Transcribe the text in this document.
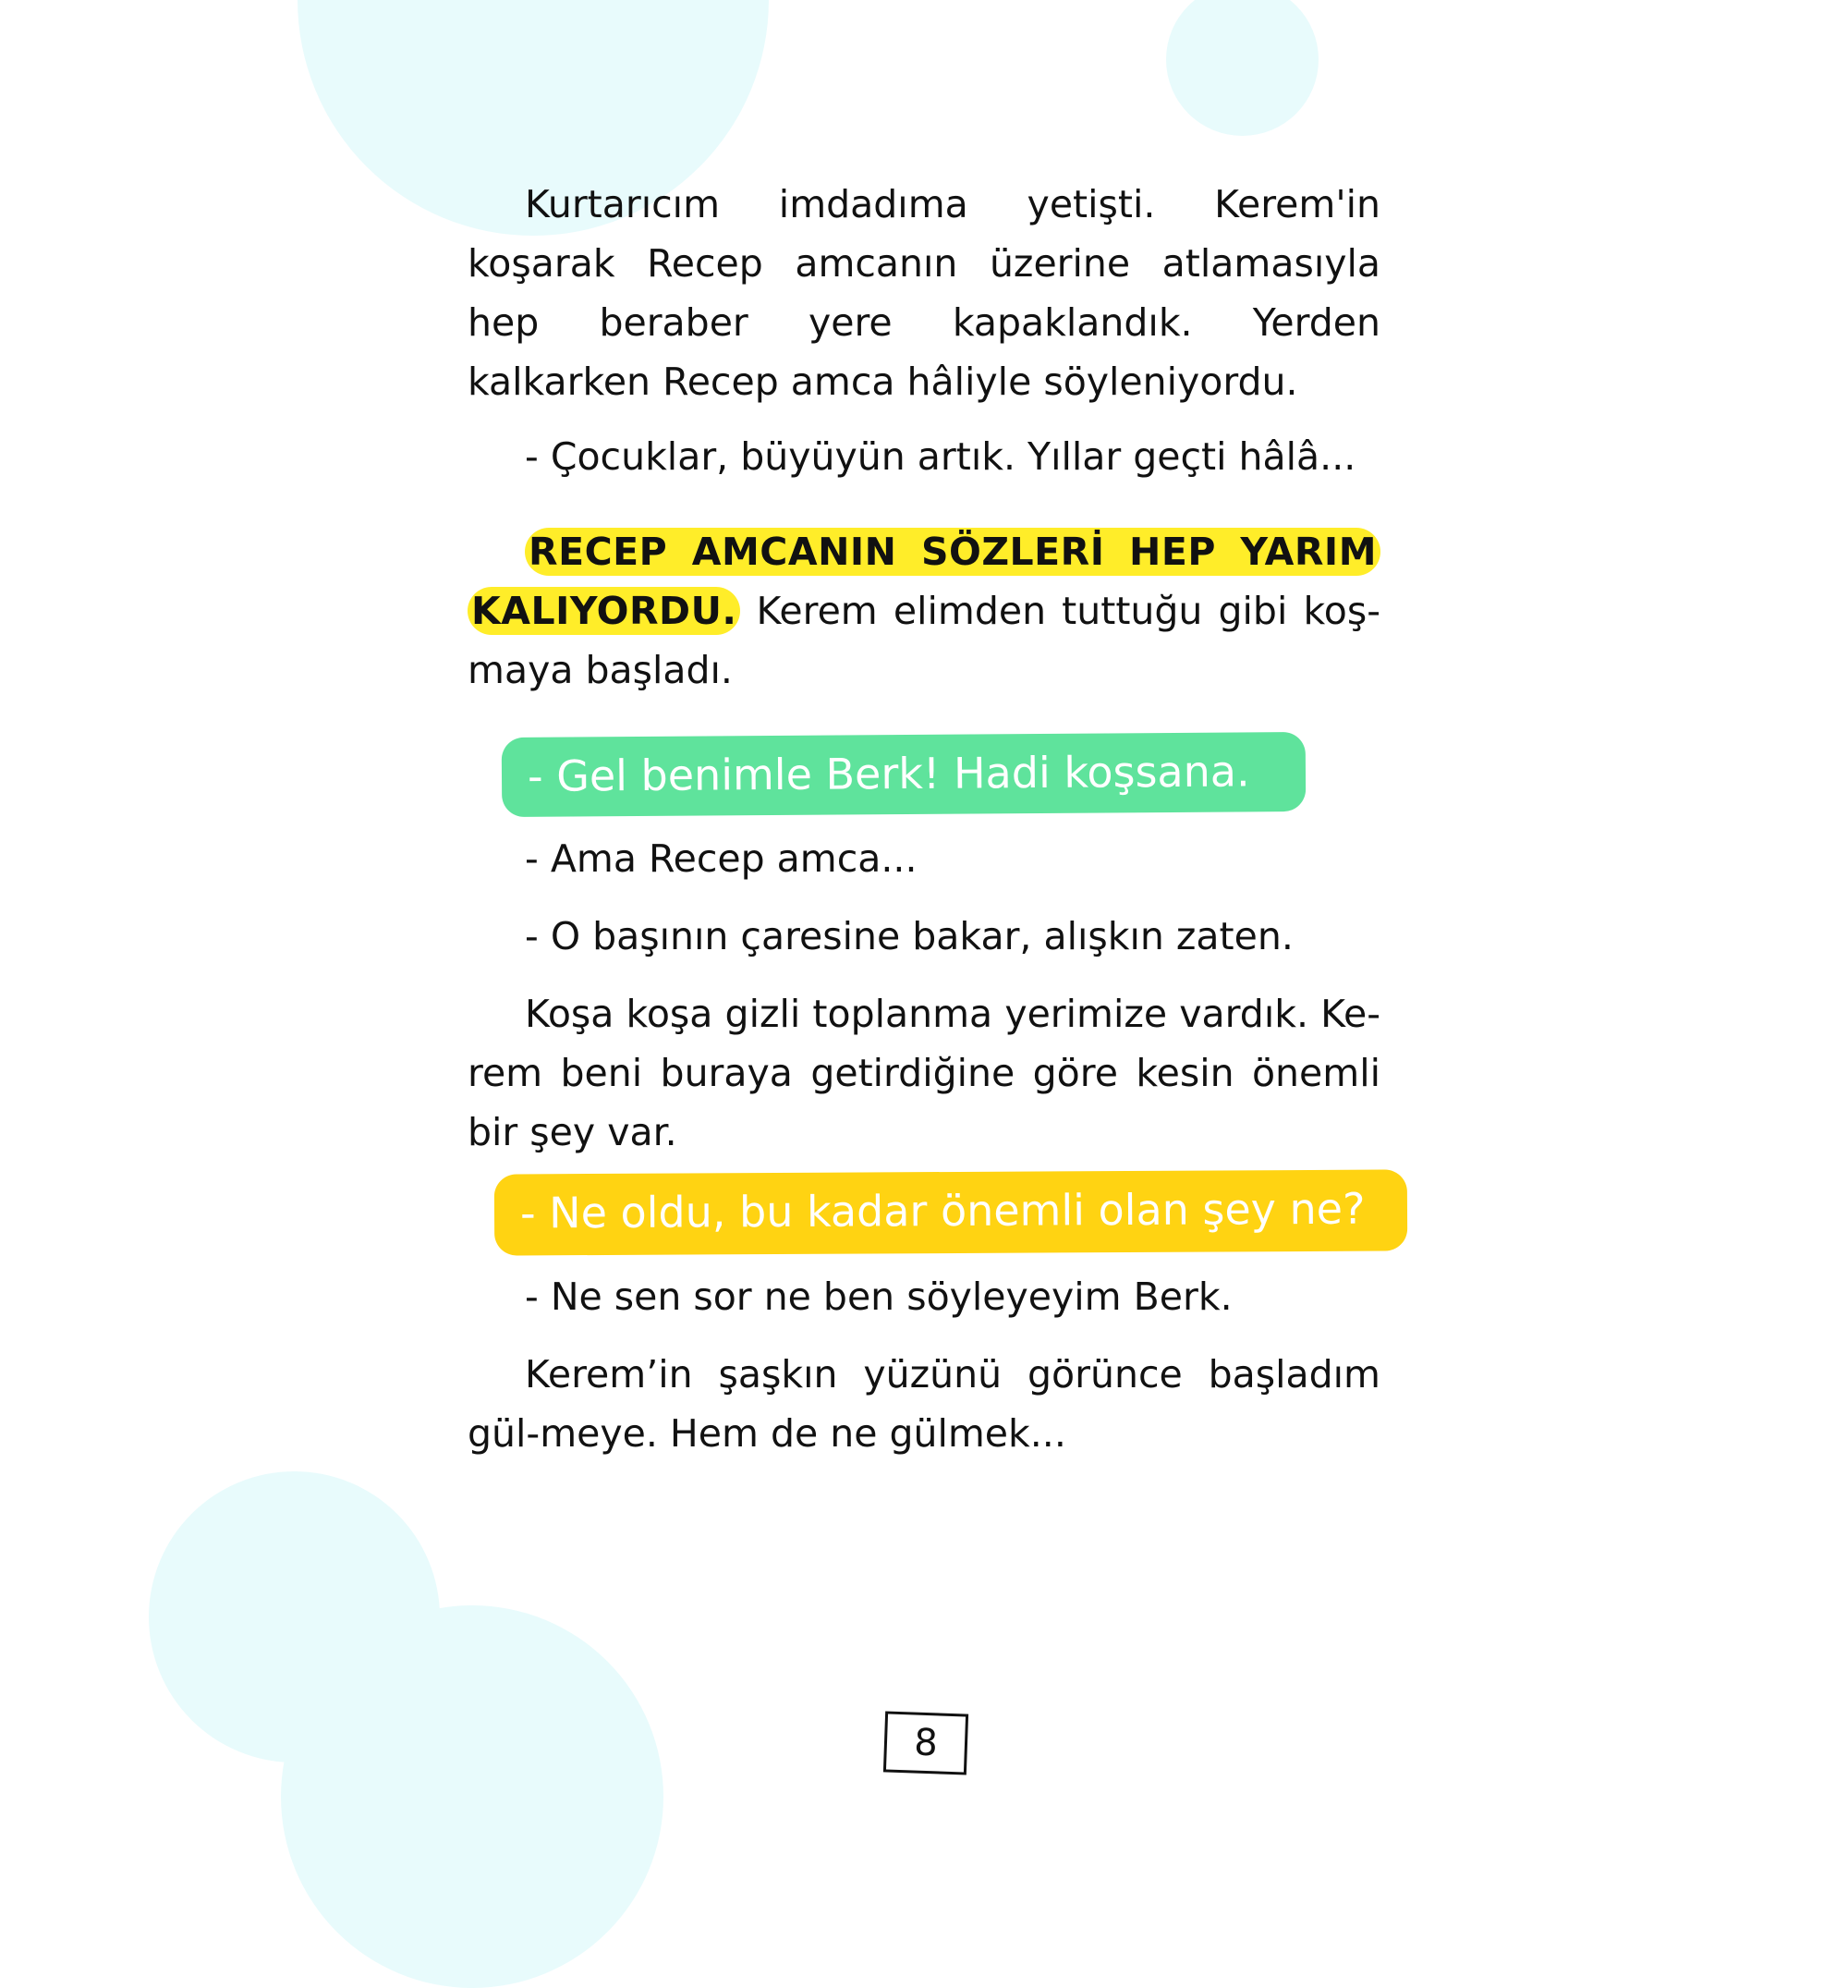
Kurtarıcım imdadıma yetişti. Kerem'in koşarak Recep amcanın üzerine atlamasıyla hep beraber yere kapaklandık. Yerden kalkarken Recep amca hâliyle söyleniyordu.

- Çocuklar, büyüyün artık. Yıllar geçti hâlâ...

RECEP AMCANIN SÖZLERİ HEP YARIM KALIYORDU. Kerem elimden tuttuğu gibi koş-maya başladı.

- Gel benimle Berk! Hadi koşsana.
- Ama Recep amca...
- O başının çaresine bakar, alışkın zaten.

Koşa koşa gizli toplanma yerimize vardık. Ke-rem beni buraya getirdiğine göre kesin önemli bir şey var.

- Ne oldu, bu kadar önemli olan şey ne?
- Ne sen sor ne ben söyleyeyim Berk.

Kerem’in şaşkın yüzünü görünce başladım gül-meye. Hem de ne gülmek...

8
